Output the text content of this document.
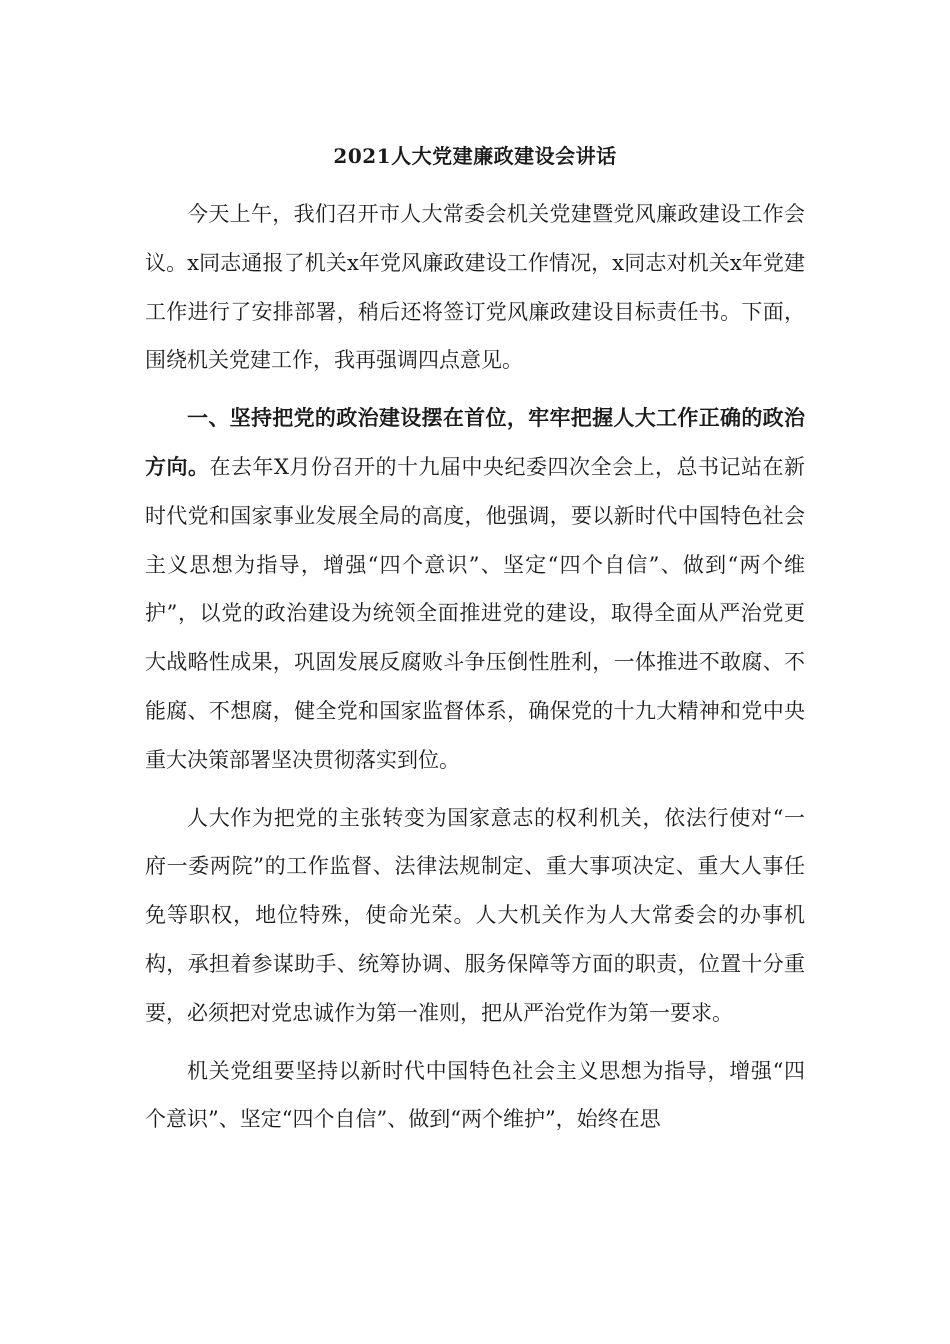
2021人大党建廉政建设会讲话

今天上午，我们召开市人大常委会机关党建暨党风廉政建设工作会议。x同志通报了机关x年党风廉政建设工作情况，x同志对机关x年党建工作进行了安排部署，稍后还将签订党风廉政建设目标责任书。下面，围绕机关党建工作，我再强调四点意见。

一、坚持把党的政治建设摆在首位，牢牢把握人大工作正确的政治方向。在去年X月份召开的十九届中央纪委四次全会上，总书记站在新时代党和国家事业发展全局的高度，他强调，要以新时代中国特色社会主义思想为指导，增强“四个意识”、坚定“四个自信”、做到“两个维护”，以党的政治建设为统领全面推进党的建设，取得全面从严治党更大战略性成果，巩固发展反腐败斗争压倒性胜利，一体推进不敢腐、不能腐、不想腐，健全党和国家监督体系，确保党的十九大精神和党中央重大决策部署坚决贯彻落实到位。

人大作为把党的主张转变为国家意志的权利机关，依法行使对“一府一委两院”的工作监督、法律法规制定、重大事项决定、重大人事任免等职权，地位特殊，使命光荣。人大机关作为人大常委会的办事机构，承担着参谋助手、统筹协调、服务保障等方面的职责，位置十分重要，必须把对党忠诚作为第一准则，把从严治党作为第一要求。

机关党组要坚持以新时代中国特色社会主义思想为指导，增强“四个意识”、坚定“四个自信”、做到“两个维护”，始终在思
